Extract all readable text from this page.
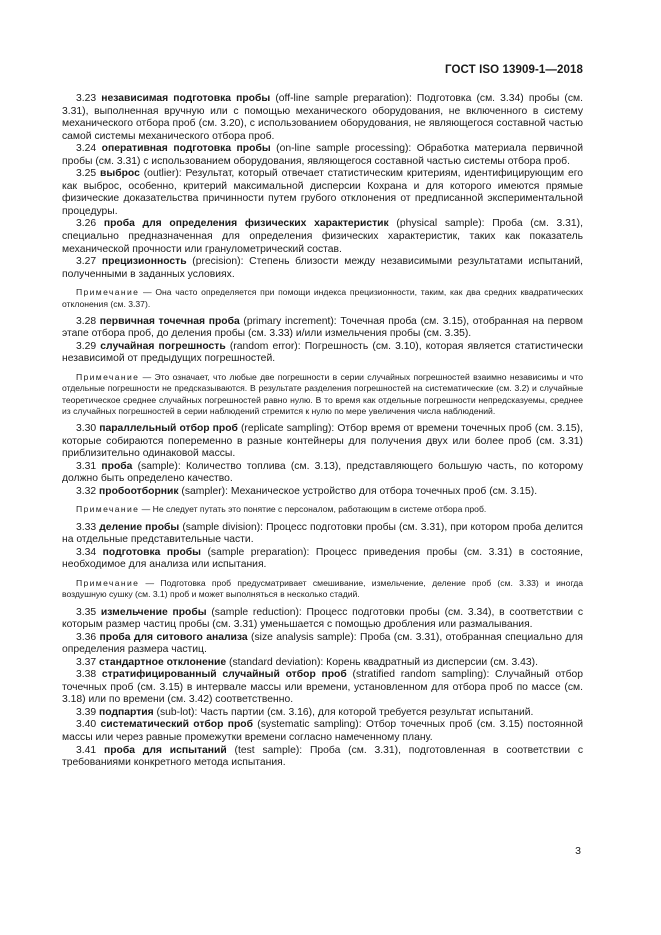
ГОСТ ISO 13909-1—2018

3.23 независимая подготовка пробы (off-line sample preparation): Подготовка (см. 3.34) пробы (см. 3.31), выполненная вручную или с помощью механического оборудования, не включенного в систему механического отбора проб (см. 3.20), с использованием оборудования, не являющегося составной частью самой системы механического отбора проб.

3.24 оперативная подготовка пробы (on-line sample processing): Обработка материала первичной пробы (см. 3.31) с использованием оборудования, являющегося составной частью системы отбора проб.

3.25 выброс (outlier): Результат, который отвечает статистическим критериям, идентифицирующим его как выброс, особенно, критерий максимальной дисперсии Кохрана и для которого имеются прямые физические доказательства причинности путем грубого отклонения от предписанной экспериментальной процедуры.

3.26 проба для определения физических характеристик (physical sample): Проба (см. 3.31), специально предназначенная для определения физических характеристик, таких как показатель механической прочности или гранулометрический состав.

3.27 прецизионность (precision): Степень близости между независимыми результатами испытаний, полученными в заданных условиях.

Примечание — Она часто определяется при помощи индекса прецизионности, таким, как два средних квадратических отклонения (см. 3.37).

3.28 первичная точечная проба (primary increment): Точечная проба (см. 3.15), отобранная на первом этапе отбора проб, до деления пробы (см. 3.33) и/или измельчения пробы (см. 3.35).

3.29 случайная погрешность (random error): Погрешность (см. 3.10), которая является статистически независимой от предыдущих погрешностей.

Примечание — Это означает, что любые две погрешности в серии случайных погрешностей взаимно независимы и что отдельные погрешности не предсказываются. В результате разделения погрешностей на систематические (см. 3.2) и случайные теоретическое среднее случайных погрешностей равно нулю. В то время как отдельные погрешности непредсказуемы, среднее из случайных погрешностей в серии наблюдений стремится к нулю по мере увеличения числа наблюдений.

3.30 параллельный отбор проб (replicate sampling): Отбор время от времени точечных проб (см. 3.15), которые собираются попеременно в разные контейнеры для получения двух или более проб (см. 3.31) приблизительно одинаковой массы.

3.31 проба (sample): Количество топлива (см. 3.13), представляющего большую часть, по которому должно быть определено качество.

3.32 пробоотборник (sampler): Механическое устройство для отбора точечных проб (см. 3.15).

Примечание — Не следует путать это понятие с персоналом, работающим в системе отбора проб.

3.33 деление пробы (sample division): Процесс подготовки пробы (см. 3.31), при котором проба делится на отдельные представительные части.

3.34 подготовка пробы (sample preparation): Процесс приведения пробы (см. 3.31) в состояние, необходимое для анализа или испытания.

Примечание — Подготовка проб предусматривает смешивание, измельчение, деление проб (см. 3.33) и иногда воздушную сушку (см. 3.1) проб и может выполняться в несколько стадий.

3.35 измельчение пробы (sample reduction): Процесс подготовки пробы (см. 3.34), в соответствии с которым размер частиц пробы (см. 3.31) уменьшается с помощью дробления или размалывания.

3.36 проба для ситового анализа (size analysis sample): Проба (см. 3.31), отобранная специально для определения размера частиц.

3.37 стандартное отклонение (standard deviation): Корень квадратный из дисперсии (см. 3.43).

3.38 стратифицированный случайный отбор проб (stratified random sampling): Случайный отбор точечных проб (см. 3.15) в интервале массы или времени, установленном для отбора проб по массе (см. 3.18) или по времени (см. 3.42) соответственно.

3.39 подпартия (sub-lot): Часть партии (см. 3.16), для которой требуется результат испытаний.

3.40 систематический отбор проб (systematic sampling): Отбор точечных проб (см. 3.15) постоянной массы или через равные промежутки времени согласно намеченному плану.

3.41 проба для испытаний (test sample): Проба (см. 3.31), подготовленная в соответствии с требованиями конкретного метода испытания.

3
